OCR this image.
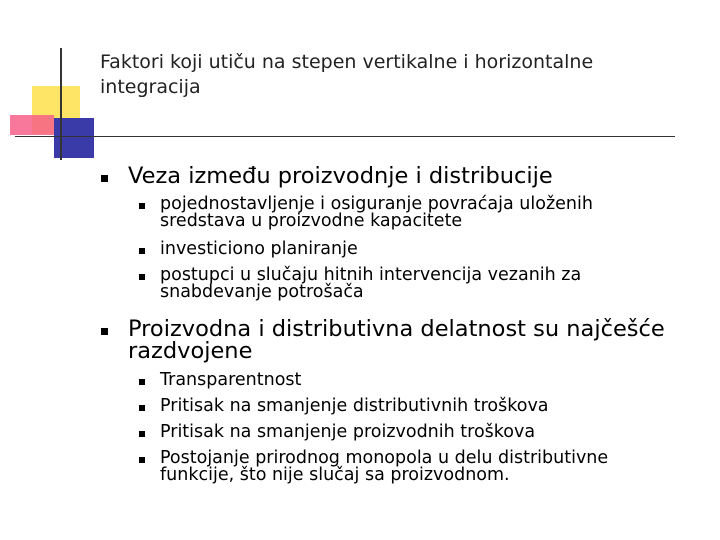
Faktori koji utiču na stepen vertikalne i horizontalne integracija

Veza između proizvodnje i distribucije

pojednostavljenje i osiguranje povraćaja uloženih sredstava u proizvodne kapacitete

investiciono planiranje

postupci u slučaju hitnih intervencija vezanih za snabdevanje potrošača

Proizvodna i distributivna delatnost su najčešće razdvojene

Transparentnost

Pritisak na smanjenje distributivnih troškova

Pritisak na smanjenje proizvodnih troškova

Postojanje prirodnog monopola u delu distributivne funkcije, što nije slučaj sa proizvodnom.
